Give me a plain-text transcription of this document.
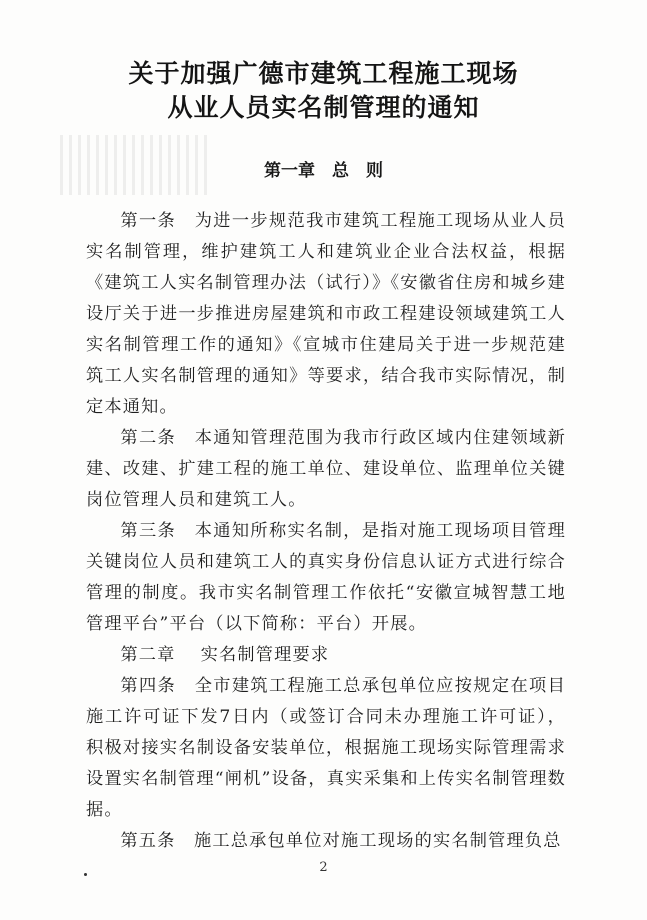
关于加强广德市建筑工程施工现场
从业人员实名制管理的通知
第一章　总　则

第一条　为进一步规范我市建筑工程施工现场从业人员实名制管理，维护建筑工人和建筑业企业合法权益，根据《建筑工人实名制管理办法（试行）》《安徽省住房和城乡建设厅关于进一步推进房屋建筑和市政工程建设领域建筑工人实名制管理工作的通知》《宣城市住建局关于进一步规范建筑工人实名制管理的通知》等要求，结合我市实际情况，制定本通知。

第二条　本通知管理范围为我市行政区域内住建领域新建、改建、扩建工程的施工单位、建设单位、监理单位关键岗位管理人员和建筑工人。

第三条　本通知所称实名制，是指对施工现场项目管理关键岗位人员和建筑工人的真实身份信息认证方式进行综合管理的制度。我市实名制管理工作依托“安徽宣城智慧工地管理平台”平台（以下简称：平台）开展。

第二章　 实名制管理要求

第四条　全市建筑工程施工总承包单位应按规定在项目施工许可证下发7日内（或签订合同未办理施工许可证），积极对接实名制设备安装单位，根据施工现场实际管理需求设置实名制管理“闸机”设备，真实采集和上传实名制管理数据。

第五条　施工总承包单位对施工现场的实名制管理负总

2
